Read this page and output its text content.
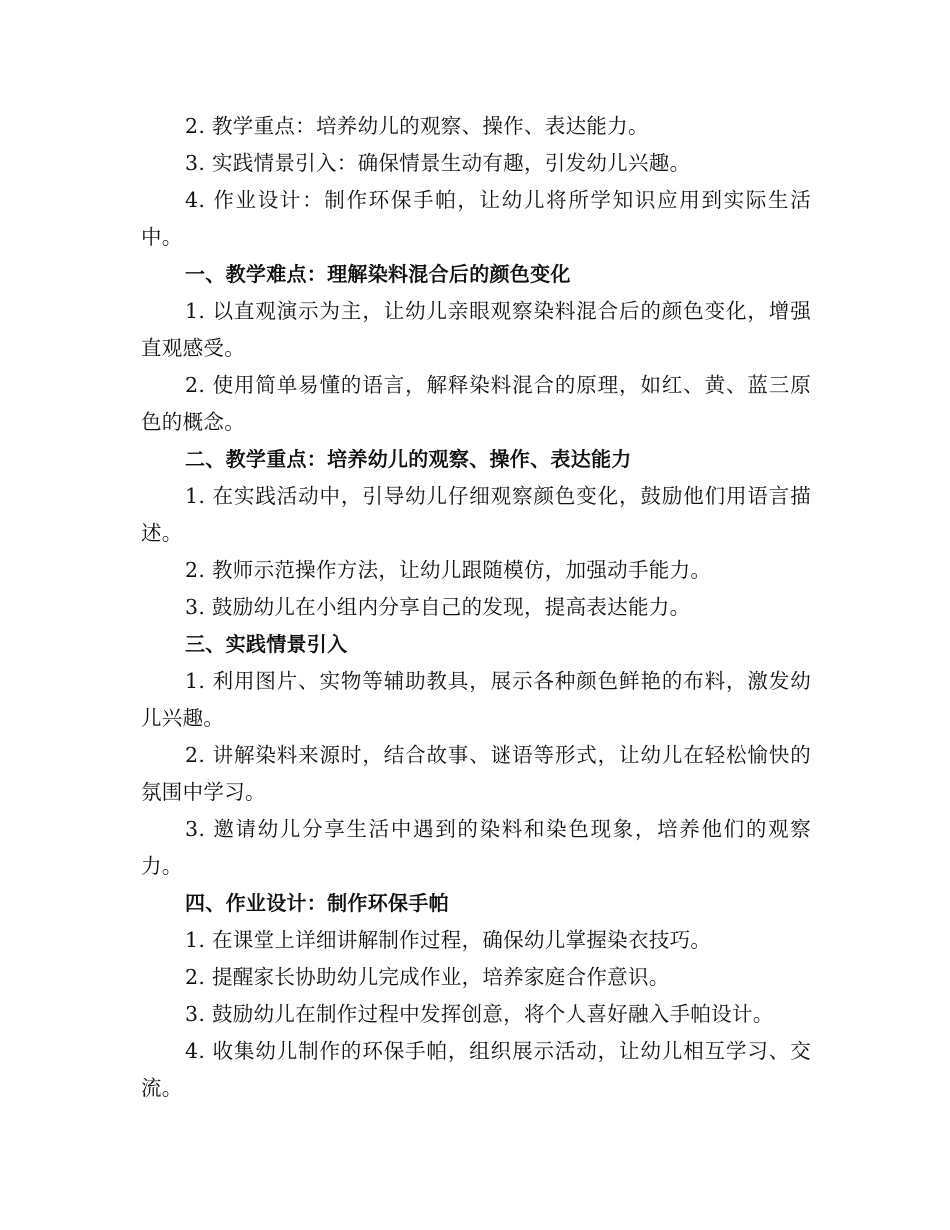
2. 教学重点：培养幼儿的观察、操作、表达能力。

3. 实践情景引入：确保情景生动有趣，引发幼儿兴趣。

4. 作业设计：制作环保手帕，让幼儿将所学知识应用到实际生活中。

一、教学难点：理解染料混合后的颜色变化

1. 以直观演示为主，让幼儿亲眼观察染料混合后的颜色变化，增强直观感受。

2. 使用简单易懂的语言，解释染料混合的原理，如红、黄、蓝三原色的概念。

二、教学重点：培养幼儿的观察、操作、表达能力

1. 在实践活动中，引导幼儿仔细观察颜色变化，鼓励他们用语言描述。

2. 教师示范操作方法，让幼儿跟随模仿，加强动手能力。

3. 鼓励幼儿在小组内分享自己的发现，提高表达能力。

三、实践情景引入

1. 利用图片、实物等辅助教具，展示各种颜色鲜艳的布料，激发幼儿兴趣。

2. 讲解染料来源时，结合故事、谜语等形式，让幼儿在轻松愉快的氛围中学习。

3. 邀请幼儿分享生活中遇到的染料和染色现象，培养他们的观察力。

四、作业设计：制作环保手帕

1. 在课堂上详细讲解制作过程，确保幼儿掌握染衣技巧。

2. 提醒家长协助幼儿完成作业，培养家庭合作意识。

3. 鼓励幼儿在制作过程中发挥创意，将个人喜好融入手帕设计。

4. 收集幼儿制作的环保手帕，组织展示活动，让幼儿相互学习、交流。
